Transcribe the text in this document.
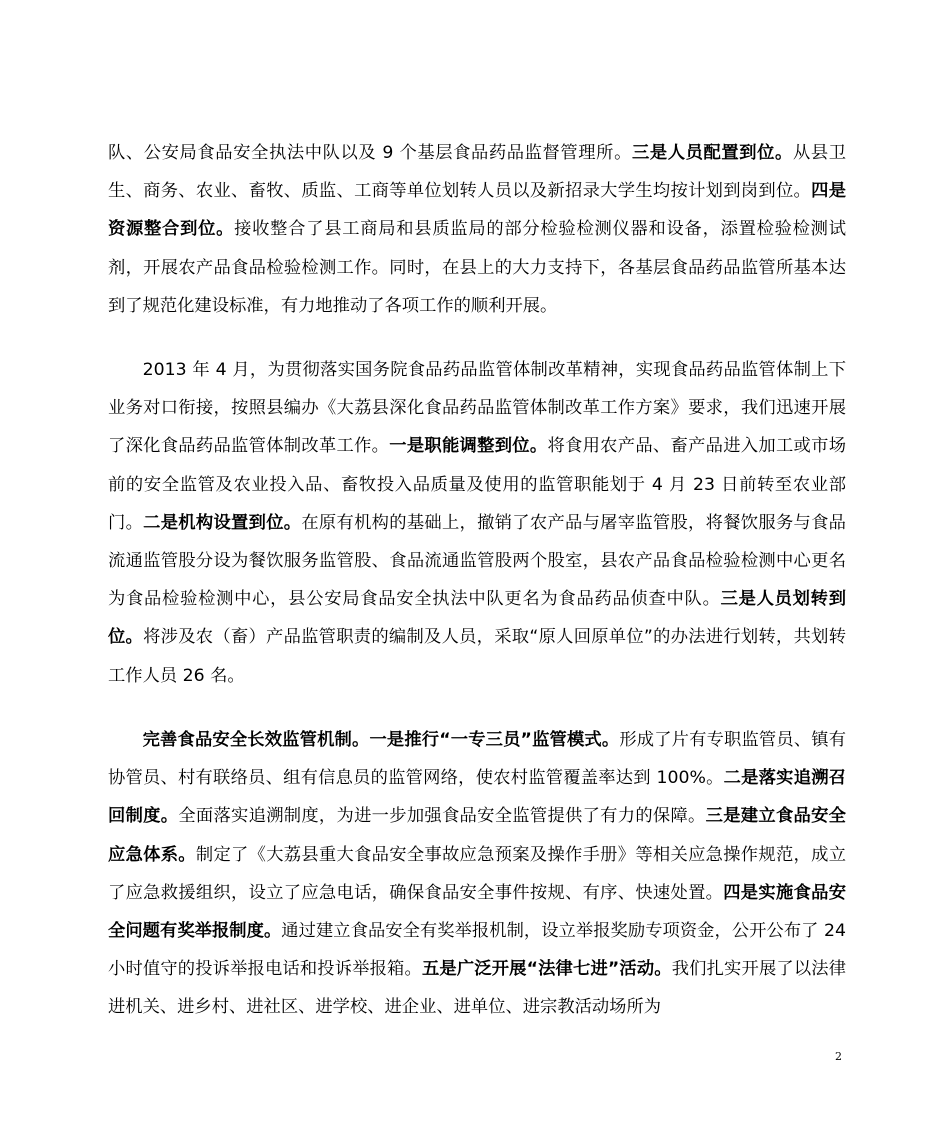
队、公安局食品安全执法中队以及 9 个基层食品药品监督管理所。三是人员配置到位。从县卫生、商务、农业、畜牧、质监、工商等单位划转人员以及新招录大学生均按计划到岗到位。四是资源整合到位。接收整合了县工商局和县质监局的部分检验检测仪器和设备，添置检验检测试剂，开展农产品食品检验检测工作。同时，在县上的大力支持下，各基层食品药品监管所基本达到了规范化建设标准，有力地推动了各项工作的顺利开展。

2013 年 4 月，为贯彻落实国务院食品药品监管体制改革精神，实现食品药品监管体制上下业务对口衔接，按照县编办《大荔县深化食品药品监管体制改革工作方案》要求，我们迅速开展了深化食品药品监管体制改革工作。一是职能调整到位。将食用农产品、畜产品进入加工或市场前的安全监管及农业投入品、畜牧投入品质量及使用的监管职能划于 4 月 23 日前转至农业部门。二是机构设置到位。在原有机构的基础上，撤销了农产品与屠宰监管股，将餐饮服务与食品流通监管股分设为餐饮服务监管股、食品流通监管股两个股室，县农产品食品检验检测中心更名为食品检验检测中心，县公安局食品安全执法中队更名为食品药品侦查中队。三是人员划转到位。将涉及农（畜）产品监管职责的编制及人员，采取“原人回原单位”的办法进行划转，共划转工作人员 26 名。

完善食品安全长效监管机制。一是推行“一专三员”监管模式。形成了片有专职监管员、镇有协管员、村有联络员、组有信息员的监管网络，使农村监管覆盖率达到 100%。二是落实追溯召回制度。全面落实追溯制度，为进一步加强食品安全监管提供了有力的保障。三是建立食品安全应急体系。制定了《大荔县重大食品安全事故应急预案及操作手册》等相关应急操作规范，成立了应急救援组织，设立了应急电话，确保食品安全事件按规、有序、快速处置。四是实施食品安全问题有奖举报制度。通过建立食品安全有奖举报机制，设立举报奖励专项资金，公开公布了 24 小时值守的投诉举报电话和投诉举报箱。五是广泛开展“法律七进”活动。我们扎实开展了以法律进机关、进乡村、进社区、进学校、进企业、进单位、进宗教活动场所为

2
